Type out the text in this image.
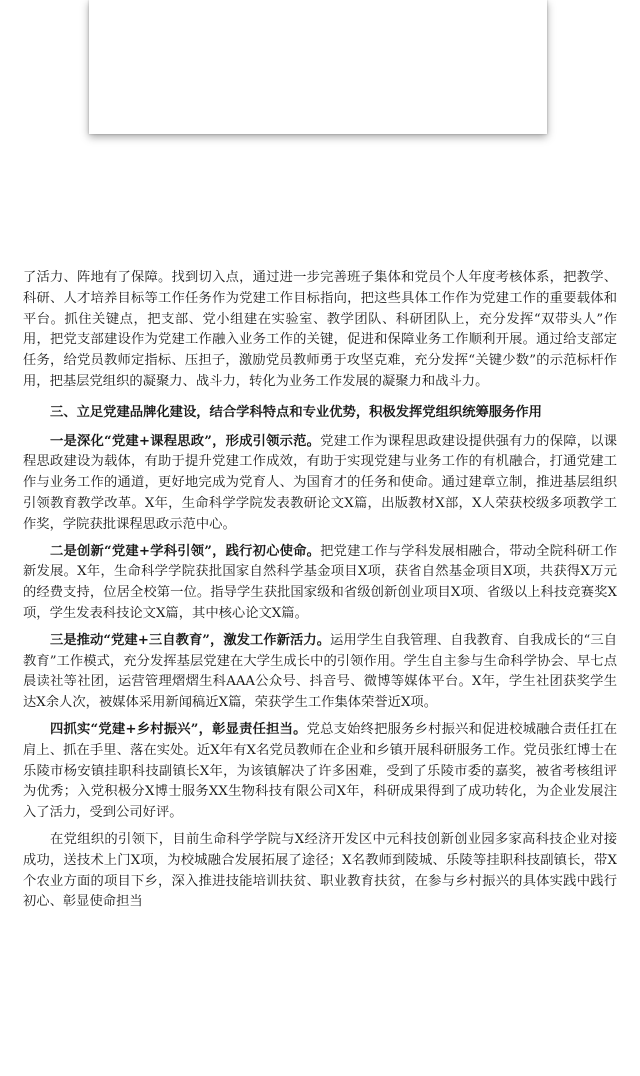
了活力、阵地有了保障。找到切入点，通过进一步完善班子集体和党员个人年度考核体系，把教学、科研、人才培养目标等工作任务作为党建工作目标指向，把这些具体工作作为党建工作的重要载体和平台。抓住关键点，把支部、党小组建在实验室、教学团队、科研团队上，充分发挥“双带头人”作用，把党支部建设作为党建工作融入业务工作的关键，促进和保障业务工作顺利开展。通过给支部定任务，给党员教师定指标、压担子，激励党员教师勇于攻坚克难，充分发挥“关键少数”的示范标杆作用，把基层党组织的凝聚力、战斗力，转化为业务工作发展的凝聚力和战斗力。

三、立足党建品牌化建设，结合学科特点和专业优势，积极发挥党组织统筹服务作用

一是深化“党建+课程思政”，形成引领示范。党建工作为课程思政建设提供强有力的保障，以课程思政建设为载体，有助于提升党建工作成效，有助于实现党建与业务工作的有机融合，打通党建工作与业务工作的通道，更好地完成为党育人、为国育才的任务和使命。通过建章立制，推进基层组织引领教育教学改革。X年，生命科学学院发表教研论文X篇，出版教材X部，X人荣获校级多项教学工作奖，学院获批课程思政示范中心。

二是创新“党建+学科引领”，践行初心使命。把党建工作与学科发展相融合，带动全院科研工作新发展。X年，生命科学学院获批国家自然科学基金项目X项，获省自然基金项目X项，共获得X万元的经费支持，位居全校第一位。指导学生获批国家级和省级创新创业项目X项、省级以上科技竞赛奖X项，学生发表科技论文X篇，其中核心论文X篇。

三是推动“党建+三自教育”，激发工作新活力。运用学生自我管理、自我教育、自我成长的“三自教育”工作模式，充分发挥基层党建在大学生成长中的引领作用。学生自主参与生命科学协会、早七点晨读社等社团，运营管理熠熠生科AAA公众号、抖音号、微博等媒体平台。X年，学生社团获奖学生达X余人次，被媒体采用新闻稿近X篇，荣获学生工作集体荣誉近X项。

四抓实“党建+乡村振兴”，彰显责任担当。党总支始终把服务乡村振兴和促进校城融合责任扛在肩上、抓在手里、落在实处。近X年有X名党员教师在企业和乡镇开展科研服务工作。党员张红博士在乐陵市杨安镇挂职科技副镇长X年，为该镇解决了许多困难，受到了乐陵市委的嘉奖，被省考核组评为优秀；入党积极分X博士服务XX生物科技有限公司X年，科研成果得到了成功转化，为企业发展注入了活力，受到公司好评。

在党组织的引领下，目前生命科学学院与X经济开发区中元科技创新创业园多家高科技企业对接成功，送技术上门X项，为校城融合发展拓展了途径；X名教师到陵城、乐陵等挂职科技副镇长，带X个农业方面的项目下乡，深入推进技能培训扶贫、职业教育扶贫，在参与乡村振兴的具体实践中践行初心、彰显使命担当
